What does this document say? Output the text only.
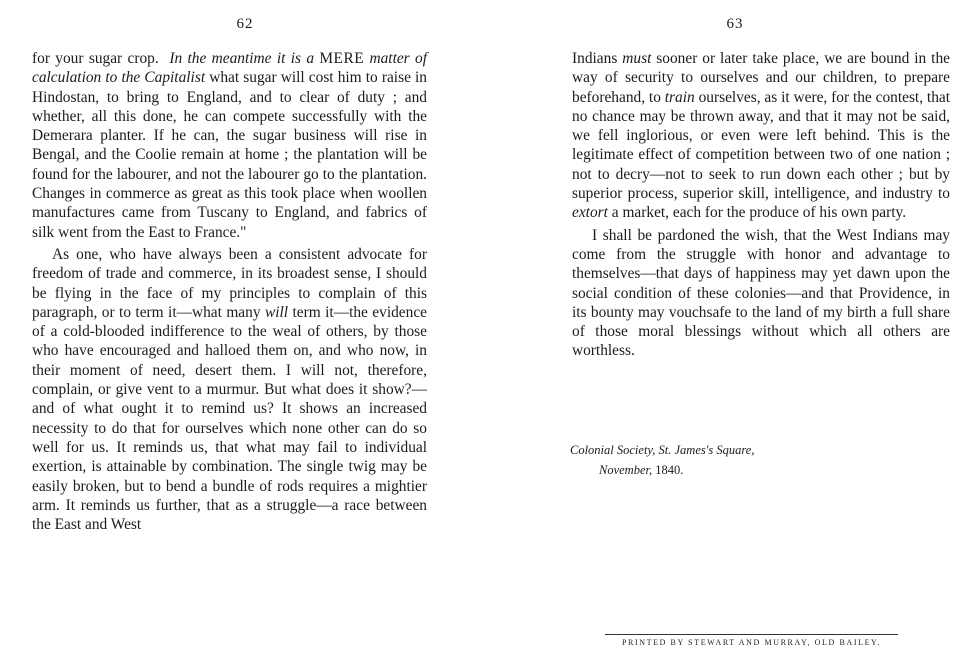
62

for your sugar crop. In the meantime it is a MERE matter of calculation to the Capitalist what sugar will cost him to raise in Hindostan, to bring to England, and to clear of duty ; and whether, all this done, he can compete successfully with the Demerara planter. If he can, the sugar business will rise in Bengal, and the Coolie remain at home ; the plantation will be found for the labourer, and not the labourer go to the plantation. Changes in commerce as great as this took place when woollen manufactures came from Tuscany to England, and fabrics of silk went from the East to France."

As one, who have always been a consistent advocate for freedom of trade and commerce, in its broadest sense, I should be flying in the face of my principles to complain of this paragraph, or to term it—what many will term it—the evidence of a cold-blooded indifference to the weal of others, by those who have encouraged and halloed them on, and who now, in their moment of need, desert them. I will not, therefore, complain, or give vent to a murmur. But what does it show?—and of what ought it to remind us? It shows an increased necessity to do that for ourselves which none other can do so well for us. It reminds us, that what may fail to individual exertion, is attainable by combination. The single twig may be easily broken, but to bend a bundle of rods requires a mightier arm. It reminds us further, that as a struggle—a race between the East and West

63

Indians must sooner or later take place, we are bound in the way of security to ourselves and our children, to prepare beforehand, to train ourselves, as it were, for the contest, that no chance may be thrown away, and that it may not be said, we fell inglorious, or even were left behind. This is the legitimate effect of competition between two of one nation ; not to decry—not to seek to run down each other ; but by superior process, superior skill, intelligence, and industry to extort a market, each for the produce of his own party.

I shall be pardoned the wish, that the West Indians may come from the struggle with honor and advantage to themselves—that days of happiness may yet dawn upon the social condition of these colonies—and that Providence, in its bounty may vouchsafe to the land of my birth a full share of those moral blessings without which all others are worthless.

Colonial Society, St. James's Square,
November, 1840.
PRINTED BY STEWART AND MURRAY, OLD BAILEY.
